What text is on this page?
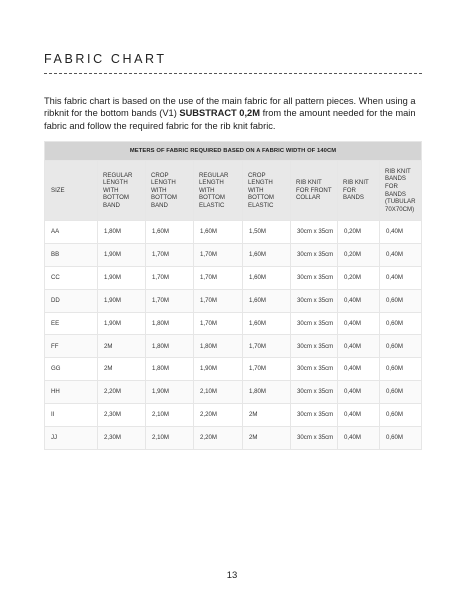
FABRIC CHART

This fabric chart is based on the use of the main fabric for all pattern pieces. When using a ribknit for the bottom bands (V1) SUBSTRACT 0,2M from the amount needed for the main fabric and follow the required fabric for the rib knit fabric.

METERS OF FABRIC REQUIRED BASED ON A FABRIC WIDTH OF 140CM							
SIZE	REGULAR LENGTH WITH BOTTOM BAND	CROP LENGTH WITH BOTTOM BAND	REGULAR LENGTH WITH BOTTOM ELASTIC	CROP LENGTH WITH BOTTOM ELASTIC	RIB KNIT FOR FRONT COLLAR	RIB KNIT FOR BANDS	RIB KNIT BANDS FOR BANDS (TUBULAR 70X70CM)
AA	1,80M	1,60M	1,60M	1,50M	30cm x 35cm	0,20M	0,40M
BB	1,90M	1,70M	1,70M	1,60M	30cm x 35cm	0,20M	0,40M
CC	1,90M	1,70M	1,70M	1,60M	30cm x 35cm	0,20M	0,40M
DD	1,90M	1,70M	1,70M	1,60M	30cm x 35cm	0,40M	0,60M
EE	1,90M	1,80M	1,70M	1,60M	30cm x 35cm	0,40M	0,60M
FF	2M	1,80M	1,80M	1,70M	30cm x 35cm	0,40M	0,60M
GG	2M	1,80M	1,90M	1,70M	30cm x 35cm	0,40M	0,60M
HH	2,20M	1,90M	2,10M	1,80M	30cm x 35cm	0,40M	0,60M
II	2,30M	2,10M	2,20M	2M	30cm x 35cm	0,40M	0,60M
JJ	2,30M	2,10M	2,20M	2M	30cm x 35cm	0,40M	0,60M
13
